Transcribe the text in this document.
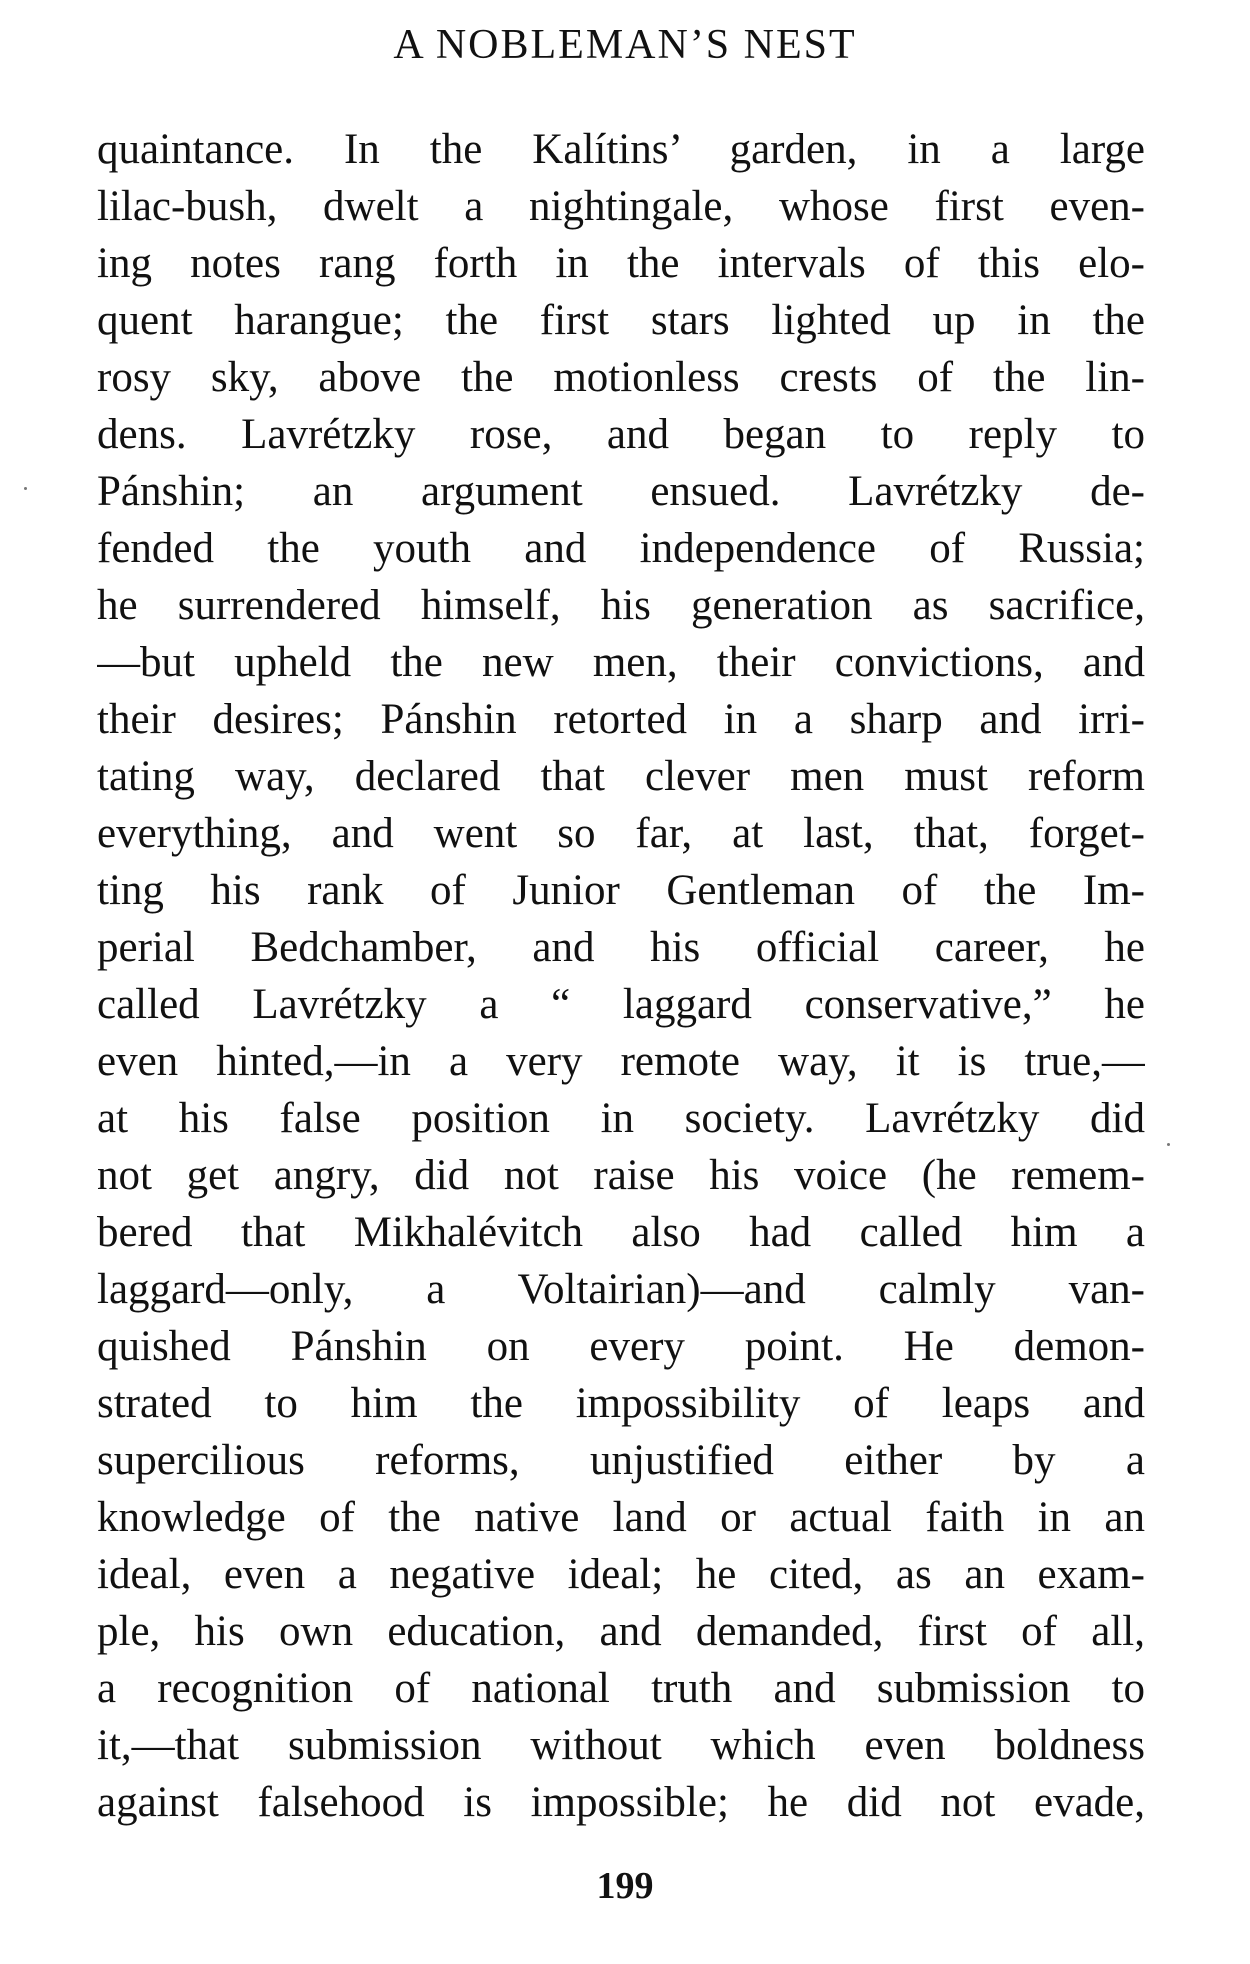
A NOBLEMAN’S NEST
quaintance. In the Kalítins’ garden, in a large
lilac-bush, dwelt a nightingale, whose first even-
ing notes rang forth in the intervals of this elo-
quent harangue; the first stars lighted up in the
rosy sky, above the motionless crests of the lin-
dens. Lavrétzky rose, and began to reply to
Pánshin; an argument ensued. Lavrétzky de-
fended the youth and independence of Russia;
he surrendered himself, his generation as sacrifice,
—but upheld the new men, their convictions, and
their desires; Pánshin retorted in a sharp and irri-
tating way, declared that clever men must reform
everything, and went so far, at last, that, forget-
ting his rank of Junior Gentleman of the Im-
perial Bedchamber, and his official career, he
called Lavrétzky a “ laggard conservative,” he
even hinted,—in a very remote way, it is true,—
at his false position in society. Lavrétzky did
not get angry, did not raise his voice (he remem-
bered that Mikhalévitch also had called him a
laggard—only, a Voltairian)—and calmly van-
quished Pánshin on every point. He demon-
strated to him the impossibility of leaps and
supercilious reforms, unjustified either by a
knowledge of the native land or actual faith in an
ideal, even a negative ideal; he cited, as an exam-
ple, his own education, and demanded, first of all,
a recognition of national truth and submission to
it,—that submission without which even boldness
against falsehood is impossible; he did not evade,
199
